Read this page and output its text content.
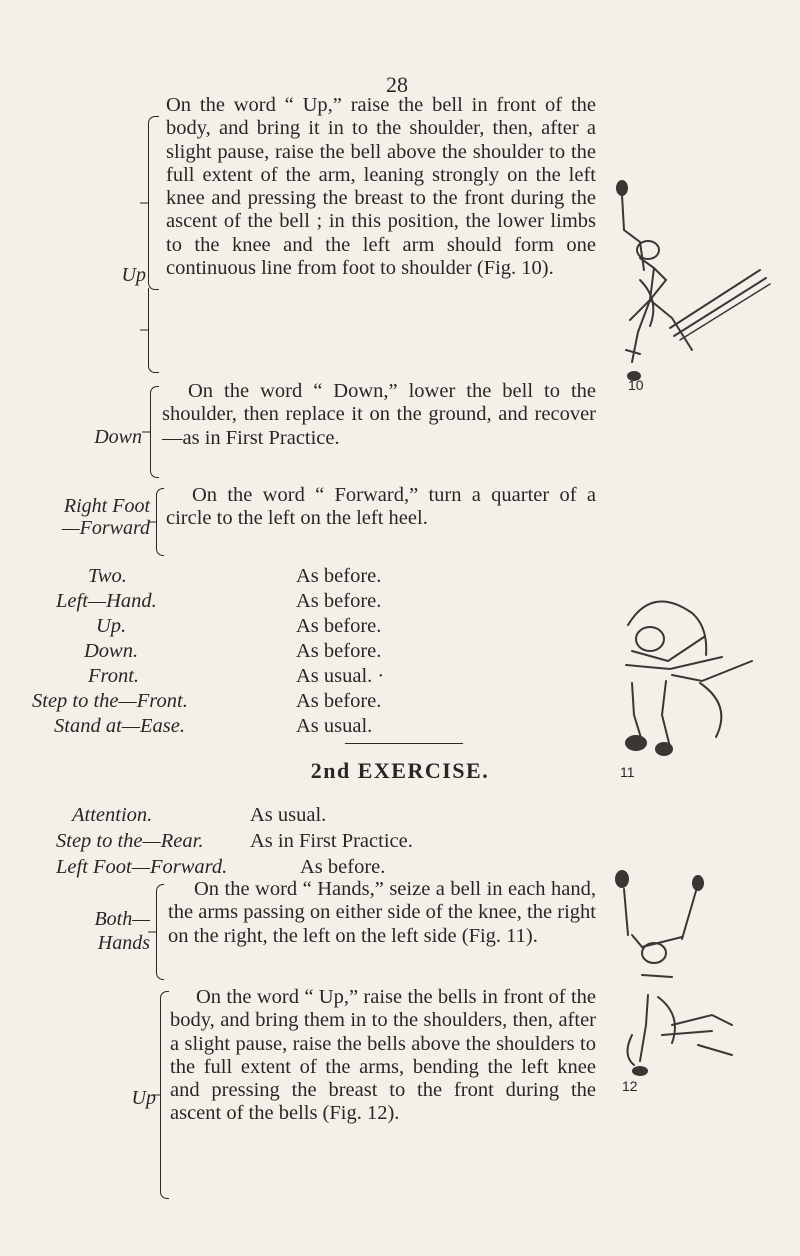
28
Up
On the word “ Up,” raise the bell in front of the body, and bring it in to the shoulder, then, after a slight pause, raise the bell above the shoulder to the full extent of the arm, leaning strongly on the left knee and pressing the breast to the front during the ascent of the bell ; in this position, the lower limbs to the knee and the left arm should form one continuous line from foot to shoulder (Fig. 10).
Down
On the word “ Down,” lower the bell to the shoulder, then replace it on the ground, and recover—as in First Practice.
Right Foot
—Forward
On the word “ Forward,” turn a quarter of a circle to the left on the left heel.
Two.	As before.
Left—Hand.	As before.
Up.	As before.
Down.	As before.
Front.	As usual. ·
Step to the—Front.	As before.
Stand at—Ease.	As usual.
2nd EXERCISE.
Attention.	As usual.
Step to the—Rear. As in First Practice.
Left Foot—Forward.	As before.
Both—
Hands
On the word “ Hands,” seize a bell in each hand, the arms passing on either side of the knee, the right on the right, the left on the left side (Fig. 11).
Up
On the word “ Up,” raise the bells in front of the body, and bring them in to the shoulders, then, after a slight pause, raise the bells above the shoulders to the full extent of the arms, bending the left knee and pressing the breast to the front during the ascent of the bells (Fig. 12).
10
11
12
